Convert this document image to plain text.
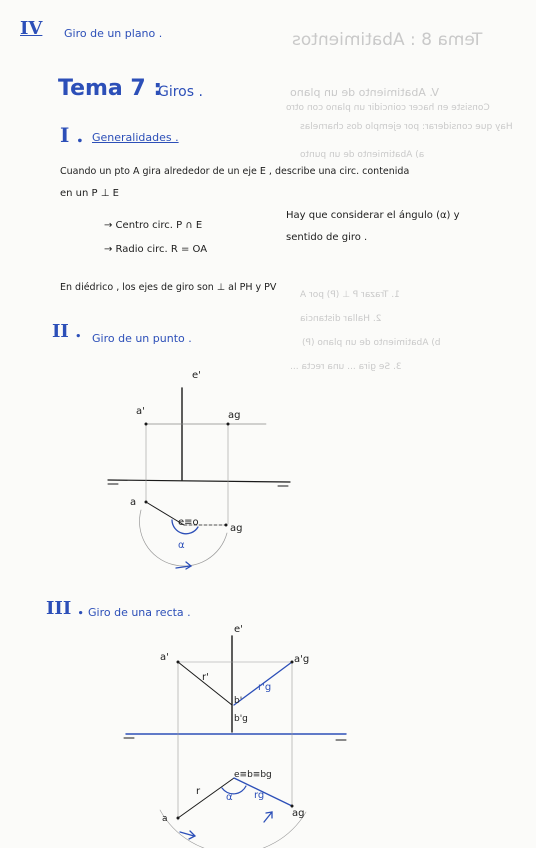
Tema 8 : Abatimientos
V. Abatimiento de un plano
Consiste en hacer coincidir un plano con otro
Hay que considerar: por ejemplo dos charnelas
a) Abatimiento de un punto
1. Trazar P ⊥ (P) por A
2. Hallar distancia
b) Abatimiento de un plano (P)
3. Se gira ... una recta ...
IV Giro de un plano .
Tema 7 :
Giros .
I . Generalidades .
Cuando un pto A gira alrededor de un eje E , describe una circ. contenida
en un P ⊥ E
→ Centro circ. P ∩ E
→ Radio circ. R = OA
Hay que considerar el ángulo (α) y
sentido de giro .
En diédrico , los ejes de giro son ⊥ al PH y PV
II . Giro de un punto .
III . Giro de una recta .
e'
a'	ag
a
e≡o
ag
α
e'
a'	a'g
r'
r'g
b'
b'g
e≡b≡bg
r	rg
α
a	ag
